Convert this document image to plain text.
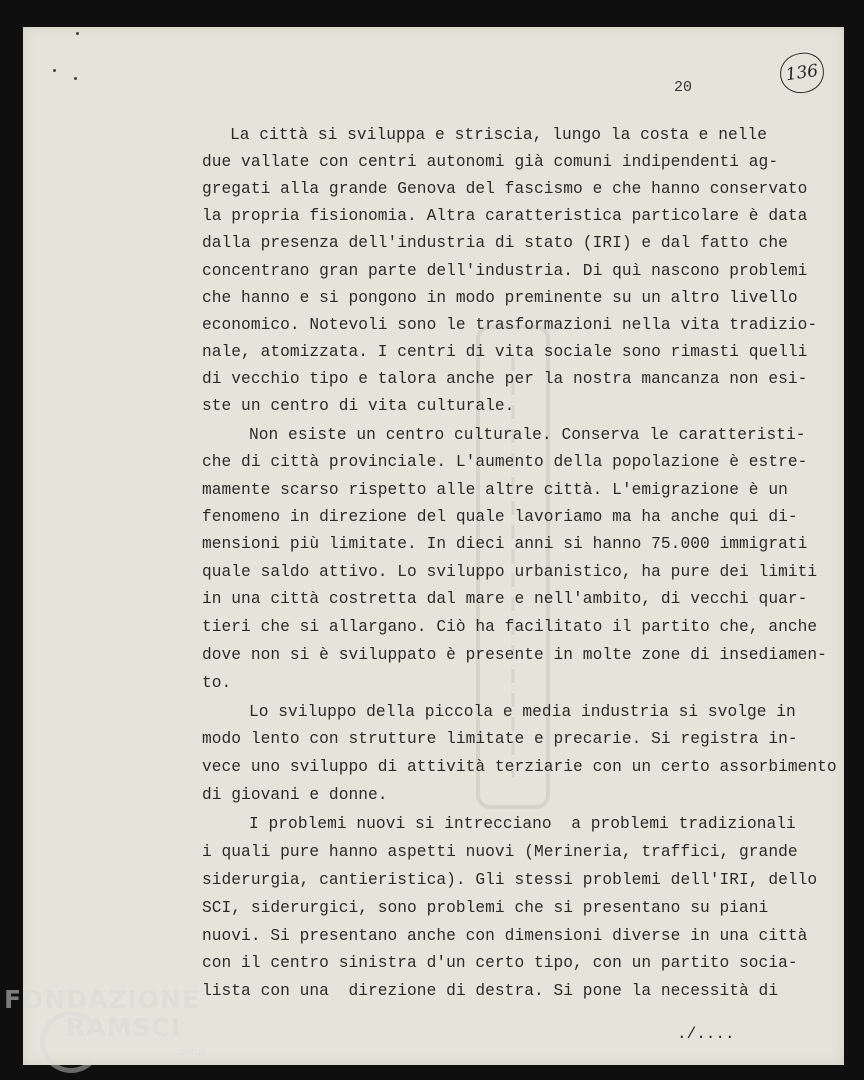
20
136

La città si sviluppa e striscia, lungo la costa e nelle

due vallate con centri autonomi già comuni indipendenti ag-

gregati alla grande Genova del fascismo e che hanno conservato

la propria fisionomia. Altra caratteristica particolare è data

dalla presenza dell'industria di stato (IRI) e dal fatto che

concentrano gran parte dell'industria. Di quì nascono problemi

che hanno e si pongono in modo preminente su un altro livello

economico. Notevoli sono le trasformazioni nella vita tradizio-

nale, atomizzata. I centri di vita sociale sono rimasti quelli

di vecchio tipo e talora anche per la nostra mancanza non esi-

ste un centro di vita culturale.

Non esiste un centro culturale. Conserva le caratteristi-

che di città provinciale. L'aumento della popolazione è estre-

mamente scarso rispetto alle altre città. L'emigrazione è un

fenomeno in direzione del quale lavoriamo ma ha anche qui di-

mensioni più limitate. In dieci anni si hanno 75.000 immigrati

quale saldo attivo. Lo sviluppo urbanistico, ha pure dei limiti

in una città costretta dal mare e nell'ambito, di vecchi quar-

tieri che si allargano. Ciò ha facilitato il partito che, anche

dove non si è sviluppato è presente in molte zone di insediamen-

to.

Lo sviluppo della piccola e media industria si svolge in

modo lento con strutture limitate e precarie. Si registra in-

vece uno sviluppo di attività terziarie con un certo assorbimento

di giovani e donne.

I problemi nuovi si intrecciano  a problemi tradizionali

i quali pure hanno aspetti nuovi (Merineria, traffici, grande

siderurgia, cantieristica). Gli stessi problemi dell'IRI, dello

SCI, siderurgici, sono problemi che si presentano su piani

nuovi. Si presentano anche con dimensioni diverse in una città

con il centro sinistra d'un certo tipo, con un partito socia-

lista con una  direzione di destra. Si pone la necessità di

./....
FONDAZIONE
RAMSCI
onlus
